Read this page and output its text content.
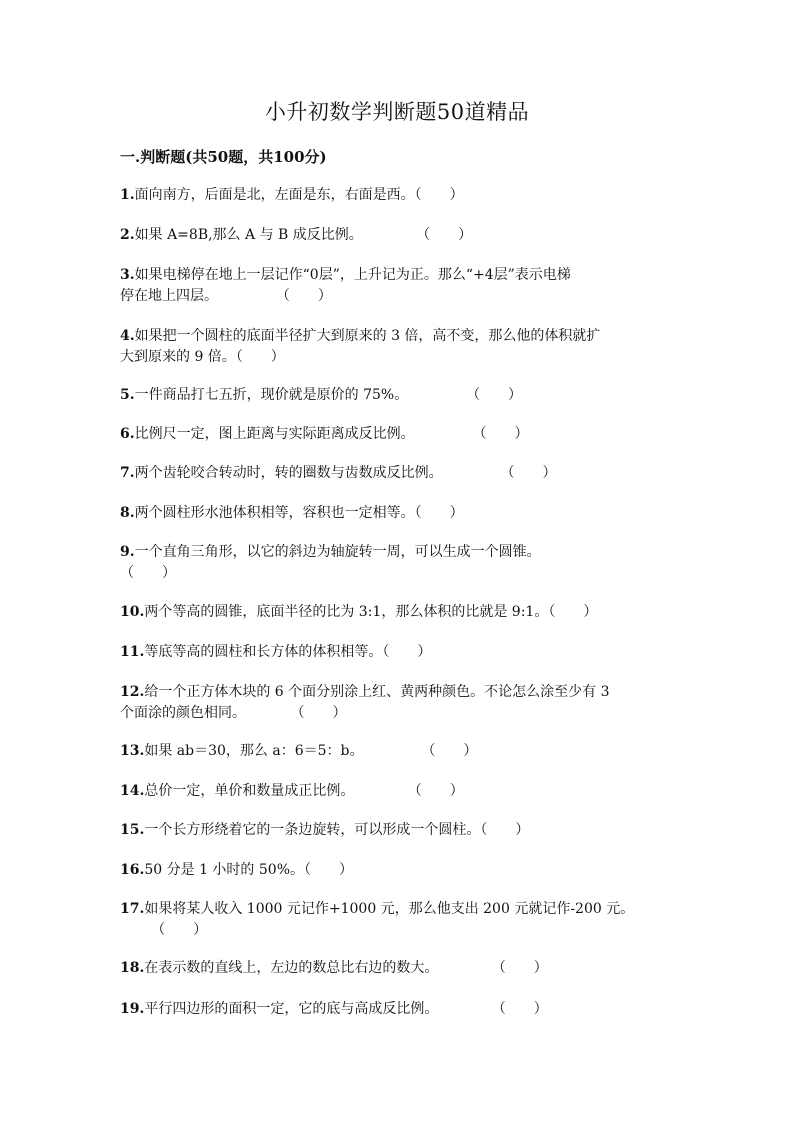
小升初数学判断题50道精品
一.判断题(共50题，共100分)
1.面向南方，后面是北，左面是东，右面是西。（　　）
2.如果 A=8B,那么 A 与 B 成反比例。	（　　）
3.如果电梯停在地上一层记作“0层”，上升记为正。那么“+4层”表示电梯
停在地上四层。	（　　）
4.如果把一个圆柱的底面半径扩大到原来的 3 倍，高不变，那么他的体积就扩
大到原来的 9 倍。（　　）
5.一件商品打七五折，现价就是原价的 75%。	（　　）
6.比例尺一定，图上距离与实际距离成反比例。	（　　）
7.两个齿轮咬合转动时，转的圈数与齿数成反比例。	（　　）
8.两个圆柱形水池体积相等，容积也一定相等。（　　）
9.一个直角三角形，以它的斜边为轴旋转一周，可以生成一个圆锥。
（　　）
10.两个等高的圆锥，底面半径的比为 3:1，那么体积的比就是 9:1。（　　）
11.等底等高的圆柱和长方体的体积相等。（　　）
12.给一个正方体木块的 6 个面分别涂上红、黄两种颜色。不论怎么涂至少有 3
个面涂的颜色相同。	（　　）
13.如果 ab＝30，那么 a：6＝5：b。	（　　）
14.总价一定，单价和数量成正比例。	（　　）
15.一个长方形绕着它的一条边旋转，可以形成一个圆柱。（　　）
16.50 分是 1 小时的 50%。（　　）
17.如果将某人收入 1000 元记作+1000 元，那么他支出 200 元就记作-200 元。
（　　）
18.在表示数的直线上，左边的数总比右边的数大。	（　　）
19.平行四边形的面积一定，它的底与高成反比例。	（　　）
